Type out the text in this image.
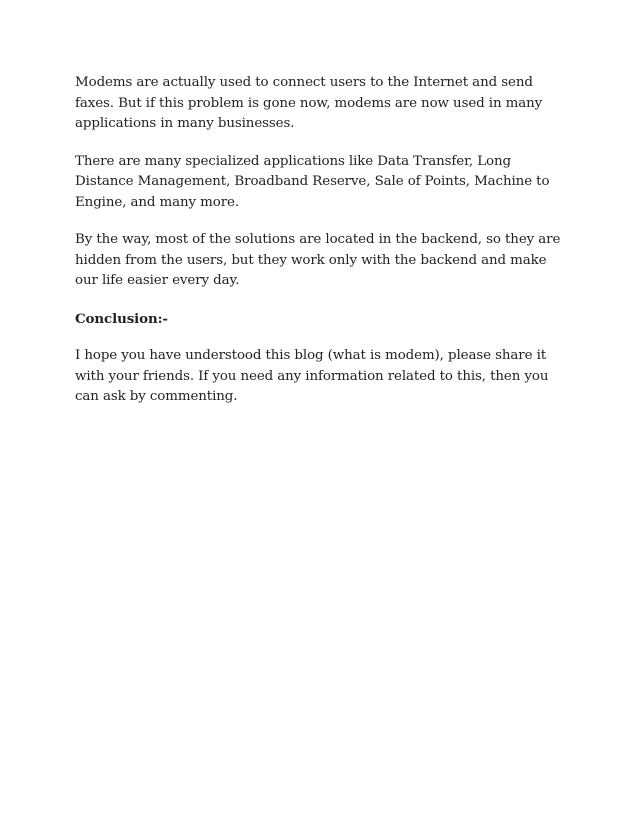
Modems are actually used to connect users to the Internet and send faxes. But if this problem is gone now, modems are now used in many applications in many businesses.

There are many specialized applications like Data Transfer, Long Distance Management, Broadband Reserve, Sale of Points, Machine to Engine, and many more.

By the way, most of the solutions are located in the backend, so they are hidden from the users, but they work only with the backend and make our life easier every day.

Conclusion:-

I hope you have understood this blog (what is modem), please share it with your friends. If you need any information related to this, then you can ask by commenting.
